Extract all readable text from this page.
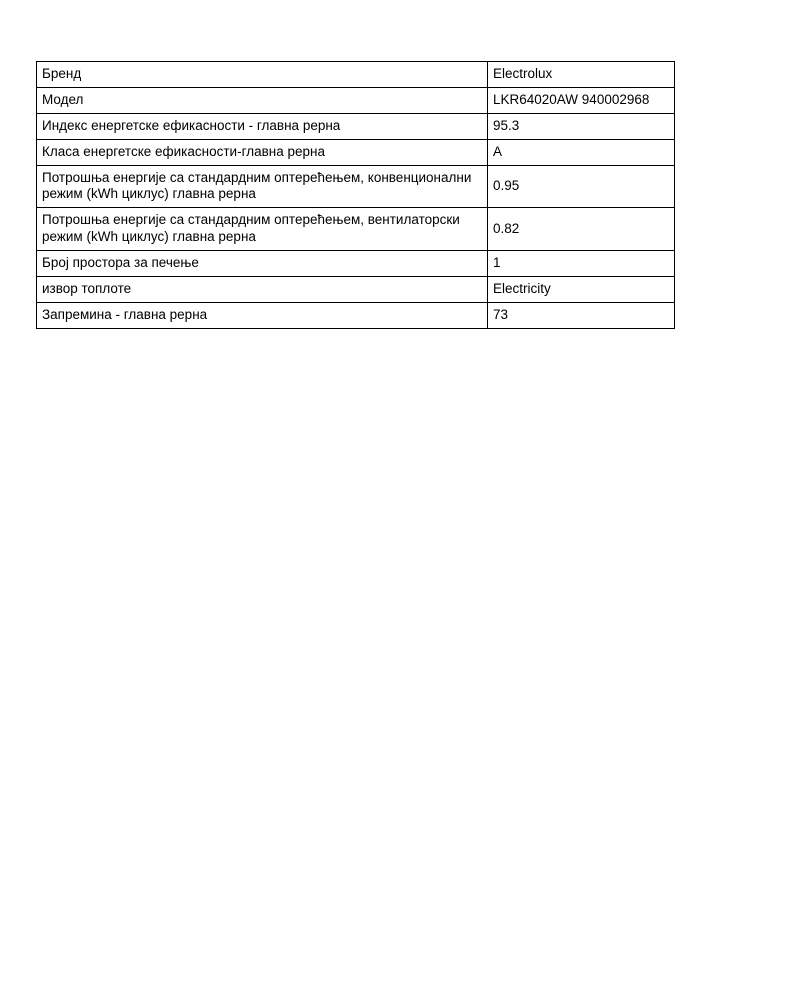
Бренд	Electrolux
Модел	LKR64020AW 940002968
Индекс енергетске ефикасности - главна рерна	95.3
Класа енергетске ефикасности-главна рерна	A
Потрошња енергије са стандардним оптерећењем, конвенционални режим (kWh циклус) главна рерна	0.95
Потрошња енергије са стандардним оптерећењем, вентилаторски режим (kWh циклус) главна рерна	0.82
Број простора за печење	1
извор топлоте	Electricity
Запремина - главна рерна	73
